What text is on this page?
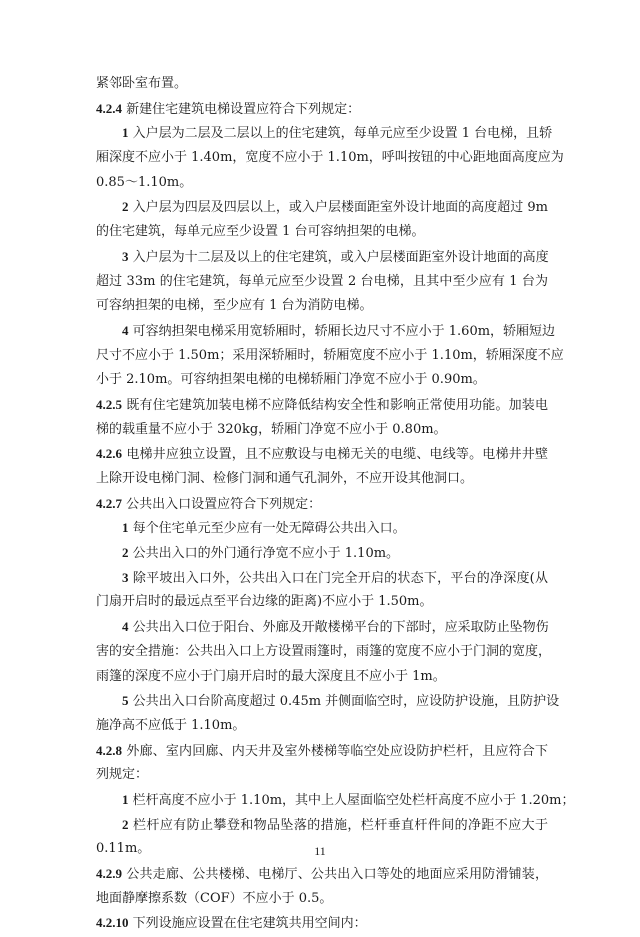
紧邻卧室布置。
4.2.4 新建住宅建筑电梯设置应符合下列规定：
1 入户层为二层及二层以上的住宅建筑，每单元应至少设置 1 台电梯，且轿
厢深度不应小于 1.40m，宽度不应小于 1.10m，呼叫按钮的中心距地面高度应为
0.85～1.10m。
2 入户层为四层及四层以上，或入户层楼面距室外设计地面的高度超过 9m
的住宅建筑，每单元应至少设置 1 台可容纳担架的电梯。
3 入户层为十二层及以上的住宅建筑，或入户层楼面距室外设计地面的高度
超过 33m 的住宅建筑，每单元应至少设置 2 台电梯，且其中至少应有 1 台为
可容纳担架的电梯，至少应有 1 台为消防电梯。
4 可容纳担架电梯采用宽轿厢时，轿厢长边尺寸不应小于 1.60m，轿厢短边
尺寸不应小于 1.50m；采用深轿厢时，轿厢宽度不应小于 1.10m，轿厢深度不应
小于 2.10m。可容纳担架电梯的电梯轿厢门净宽不应小于 0.90m。
4.2.5 既有住宅建筑加装电梯不应降低结构安全性和影响正常使用功能。加装电
梯的载重量不应小于 320kg，轿厢门净宽不应小于 0.80m。
4.2.6 电梯井应独立设置，且不应敷设与电梯无关的电缆、电线等。电梯井井壁
上除开设电梯门洞、检修门洞和通气孔洞外，不应开设其他洞口。
4.2.7 公共出入口设置应符合下列规定：
1 每个住宅单元至少应有一处无障碍公共出入口。
2 公共出入口的外门通行净宽不应小于 1.10m。
3 除平坡出入口外，公共出入口在门完全开启的状态下，平台的净深度(从
门扇开启时的最远点至平台边缘的距离)不应小于 1.50m。
4 公共出入口位于阳台、外廊及开敞楼梯平台的下部时，应采取防止坠物伤
害的安全措施：公共出入口上方设置雨篷时，雨篷的宽度不应小于门洞的宽度，
雨篷的深度不应小于门扇开启时的最大深度且不应小于 1m。
5 公共出入口台阶高度超过 0.45m 并侧面临空时，应设防护设施，且防护设
施净高不应低于 1.10m。
4.2.8 外廊、室内回廊、内天井及室外楼梯等临空处应设防护栏杆，且应符合下
列规定：
1 栏杆高度不应小于 1.10m，其中上人屋面临空处栏杆高度不应小于 1.20m；
2 栏杆应有防止攀登和物品坠落的措施，栏杆垂直杆件间的净距不应大于
0.11m。
4.2.9 公共走廊、公共楼梯、电梯厅、公共出入口等处的地面应采用防滑铺装，
地面静摩擦系数（COF）不应小于 0.5。
4.2.10 下列设施应设置在住宅建筑共用空间内：
11
